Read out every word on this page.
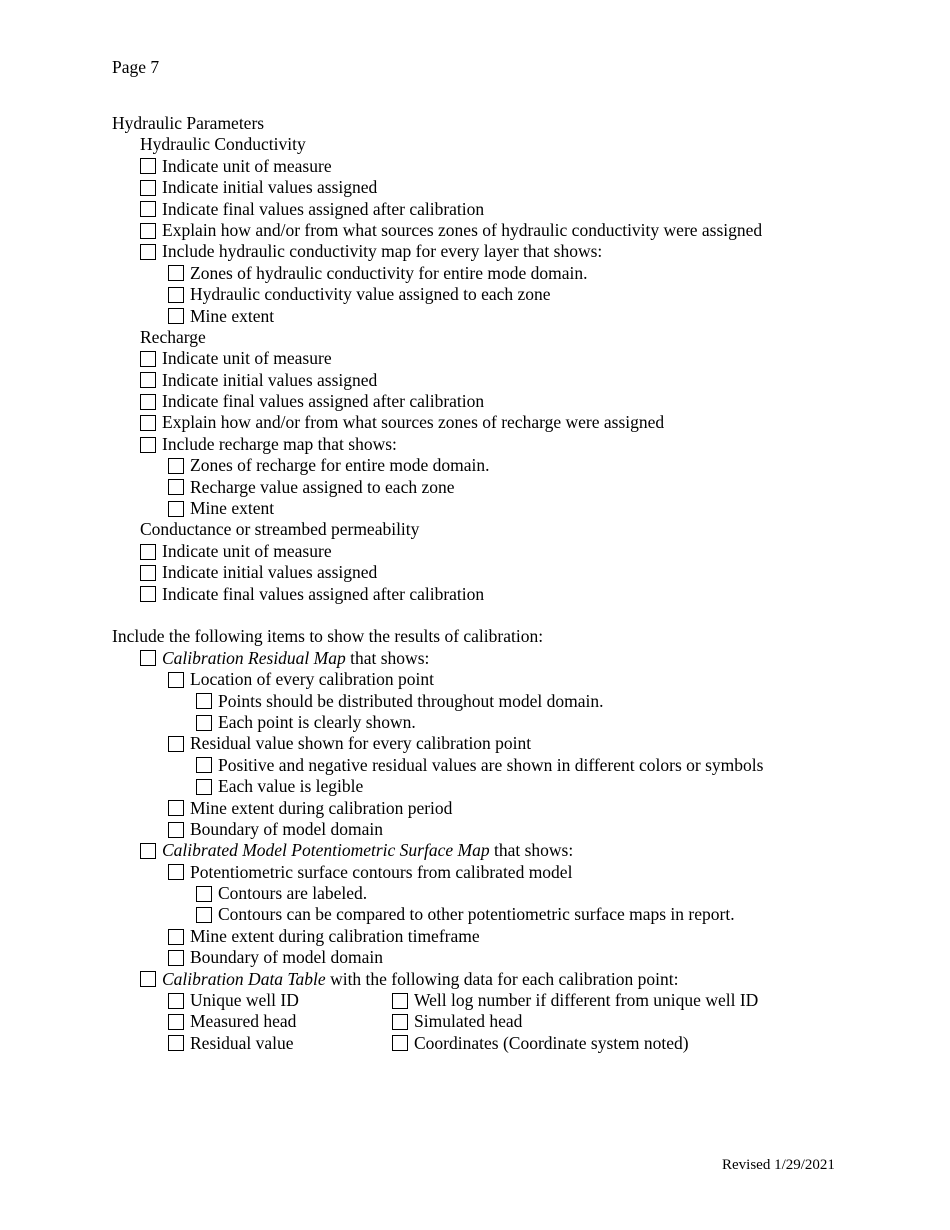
Page 7
Hydraulic Parameters
Hydraulic Conductivity
Indicate unit of measure
Indicate initial values assigned
Indicate final values assigned after calibration
Explain how and/or from what sources zones of hydraulic conductivity were assigned
Include hydraulic conductivity map for every layer that shows:
Zones of hydraulic conductivity for entire mode domain.
Hydraulic conductivity value assigned to each zone
Mine extent
Recharge
Indicate unit of measure
Indicate initial values assigned
Indicate final values assigned after calibration
Explain how and/or from what sources zones of recharge were assigned
Include recharge map that shows:
Zones of recharge for entire mode domain.
Recharge value assigned to each zone
Mine extent
Conductance or streambed permeability
Indicate unit of measure
Indicate initial values assigned
Indicate final values assigned after calibration
Include the following items to show the results of calibration:
Calibration Residual Map that shows:
Location of every calibration point
Points should be distributed throughout model domain.
Each point is clearly shown.
Residual value shown for every calibration point
Positive and negative residual values are shown in different colors or symbols
Each value is legible
Mine extent during calibration period
Boundary of model domain
Calibrated Model Potentiometric Surface Map that shows:
Potentiometric surface contours from calibrated model
Contours are labeled.
Contours can be compared to other potentiometric surface maps in report.
Mine extent during calibration timeframe
Boundary of model domain
Calibration Data Table with the following data for each calibration point:
Unique well ID	Well log number if different from unique well ID
Measured head	Simulated head
Residual value	Coordinates (Coordinate system noted)
Revised 1/29/2021
